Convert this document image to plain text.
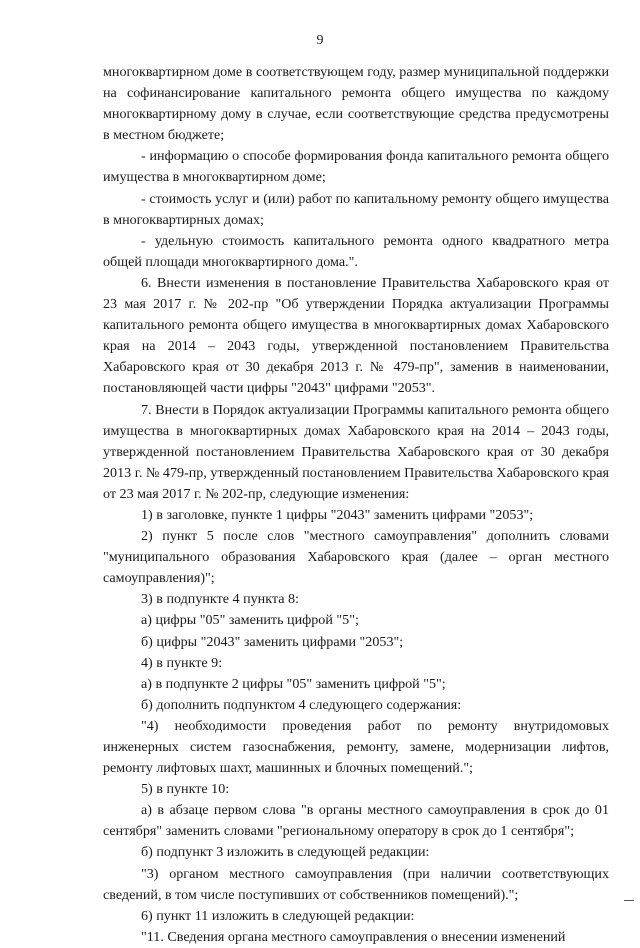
9

многоквартирном доме в соответствующем году, размер муниципальной поддержки на софинансирование капитального ремонта общего имущества по каждому многоквартирному дому в случае, если соответствующие средства предусмотрены в местном бюджете;

- информацию о способе формирования фонда капитального ремонта общего имущества в многоквартирном доме;

- стоимость услуг и (или) работ по капитальному ремонту общего имущества в многоквартирных домах;

- удельную стоимость капитального ремонта одного квадратного метра общей площади многоквартирного дома.".

6. Внести изменения в постановление Правительства Хабаровского края от 23 мая 2017 г. № 202-пр "Об утверждении Порядка актуализации Программы капитального ремонта общего имущества в многоквартирных домах Хабаровского края на 2014 – 2043 годы, утвержденной постановлением Правительства Хабаровского края от 30 декабря 2013 г. № 479-пр", заменив в наименовании, постановляющей части цифры "2043" цифрами "2053".

7. Внести в Порядок актуализации Программы капитального ремонта общего имущества в многоквартирных домах Хабаровского края на 2014 – 2043 годы, утвержденной постановлением Правительства Хабаровского края от 30 декабря 2013 г. № 479-пр, утвержденный постановлением Правительства Хабаровского края от 23 мая 2017 г. № 202-пр, следующие изменения:

1) в заголовке, пункте 1 цифры "2043" заменить цифрами "2053";

2) пункт 5 после слов "местного самоуправления" дополнить словами "муниципального образования Хабаровского края (далее – орган местного самоуправления)";

3) в подпункте 4 пункта 8:

а) цифры "05" заменить цифрой "5";

б) цифры "2043" заменить цифрами "2053";

4) в пункте 9:

а) в подпункте 2 цифры "05" заменить цифрой "5";

б) дополнить подпунктом 4 следующего содержания:

"4) необходимости проведения работ по ремонту внутридомовых инженерных систем газоснабжения, ремонту, замене, модернизации лифтов, ремонту лифтовых шахт, машинных и блочных помещений.";

5) в пункте 10:

а) в абзаце первом слова "в органы местного самоуправления в срок до 01 сентября" заменить словами "региональному оператору в срок до 1 сентября";

б) подпункт 3 изложить в следующей редакции:

"3) органом местного самоуправления (при наличии соответствующих сведений, в том числе поступивших от собственников помещений).";

6) пункт 11 изложить в следующей редакции:

"11. Сведения органа местного самоуправления о внесении изменений
